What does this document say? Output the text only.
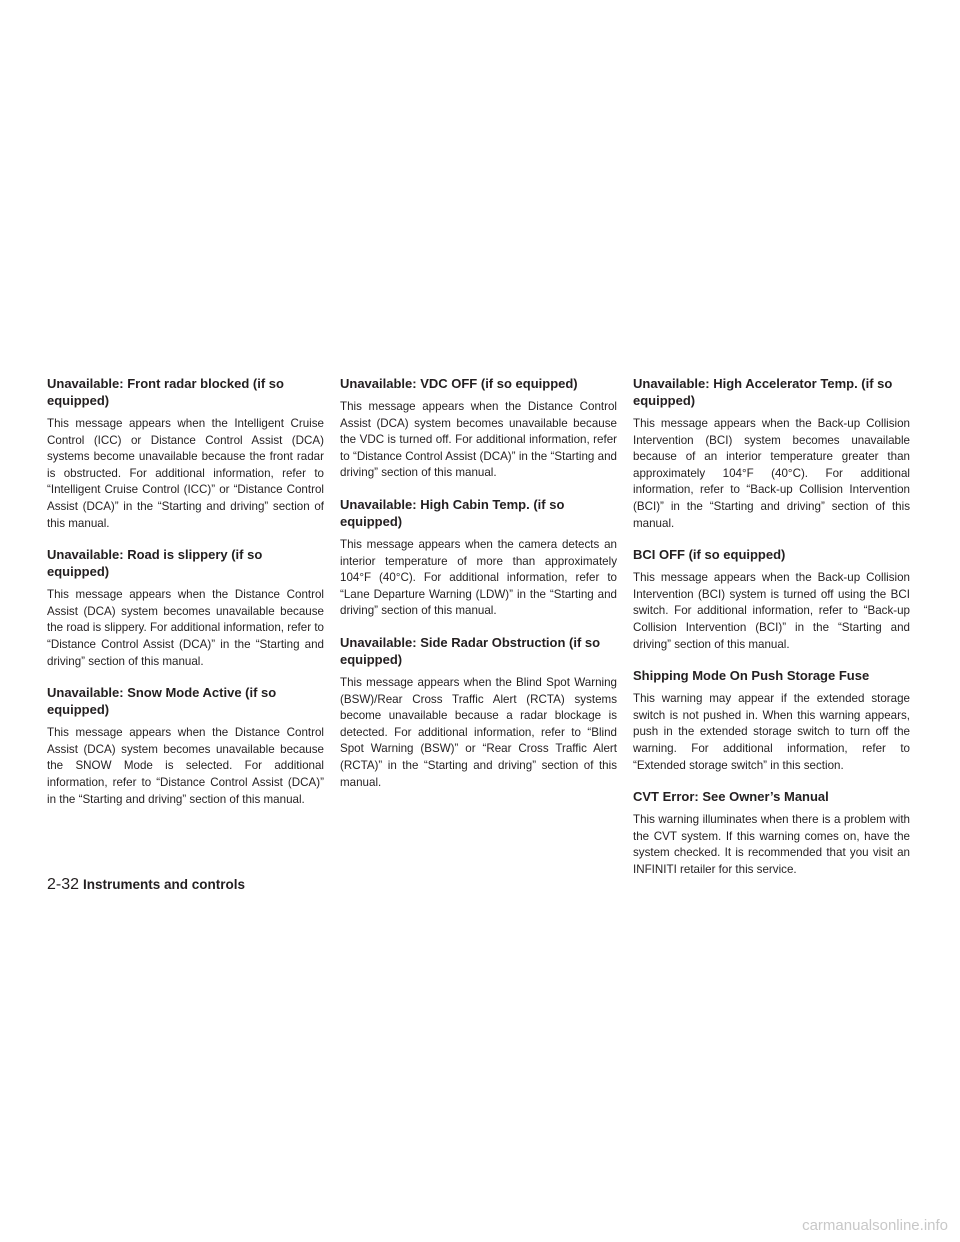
Unavailable: Front radar blocked (if so equipped)

This message appears when the Intelligent Cruise Control (ICC) or Distance Control Assist (DCA) systems become unavailable because the front radar is obstructed. For additional information, refer to “Intelligent Cruise Control (ICC)” or “Distance Control Assist (DCA)” in the “Starting and driving” section of this manual.

Unavailable: Road is slippery (if so equipped)

This message appears when the Distance Control Assist (DCA) system becomes unavailable because the road is slippery. For additional information, refer to “Distance Control Assist (DCA)” in the “Starting and driving” section of this manual.

Unavailable: Snow Mode Active (if so equipped)

This message appears when the Distance Control Assist (DCA) system becomes unavailable because the SNOW Mode is selected. For additional information, refer to “Distance Control Assist (DCA)” in the “Starting and driving” section of this manual.

Unavailable: VDC OFF (if so equipped)

This message appears when the Distance Control Assist (DCA) system becomes unavailable because the VDC is turned off. For additional information, refer to “Distance Control Assist (DCA)” in the “Starting and driving” section of this manual.

Unavailable: High Cabin Temp. (if so equipped)

This message appears when the camera detects an interior temperature of more than approximately 104°F (40°C). For additional information, refer to “Lane Departure Warning (LDW)” in the “Starting and driving” section of this manual.

Unavailable: Side Radar Obstruction (if so equipped)

This message appears when the Blind Spot Warning (BSW)/Rear Cross Traffic Alert (RCTA) systems become unavailable because a radar blockage is detected. For additional information, refer to “Blind Spot Warning (BSW)” or “Rear Cross Traffic Alert (RCTA)” in the “Starting and driving” section of this manual.

Unavailable: High Accelerator Temp. (if so equipped)

This message appears when the Back-up Collision Intervention (BCI) system becomes unavailable because of an interior temperature greater than approximately 104°F (40°C). For additional information, refer to “Back-up Collision Intervention (BCI)” in the “Starting and driving” section of this manual.

BCI OFF (if so equipped)

This message appears when the Back-up Collision Intervention (BCI) system is turned off using the BCI switch. For additional information, refer to “Back-up Collision Intervention (BCI)” in the “Starting and driving” section of this manual.

Shipping Mode On Push Storage Fuse

This warning may appear if the extended storage switch is not pushed in. When this warning appears, push in the extended storage switch to turn off the warning. For additional information, refer to “Extended storage switch” in this section.

CVT Error: See Owner’s Manual

This warning illuminates when there is a problem with the CVT system. If this warning comes on, have the system checked. It is recommended that you visit an INFINITI retailer for this service.

2-32 Instruments and controls
carmanualsonline.info
